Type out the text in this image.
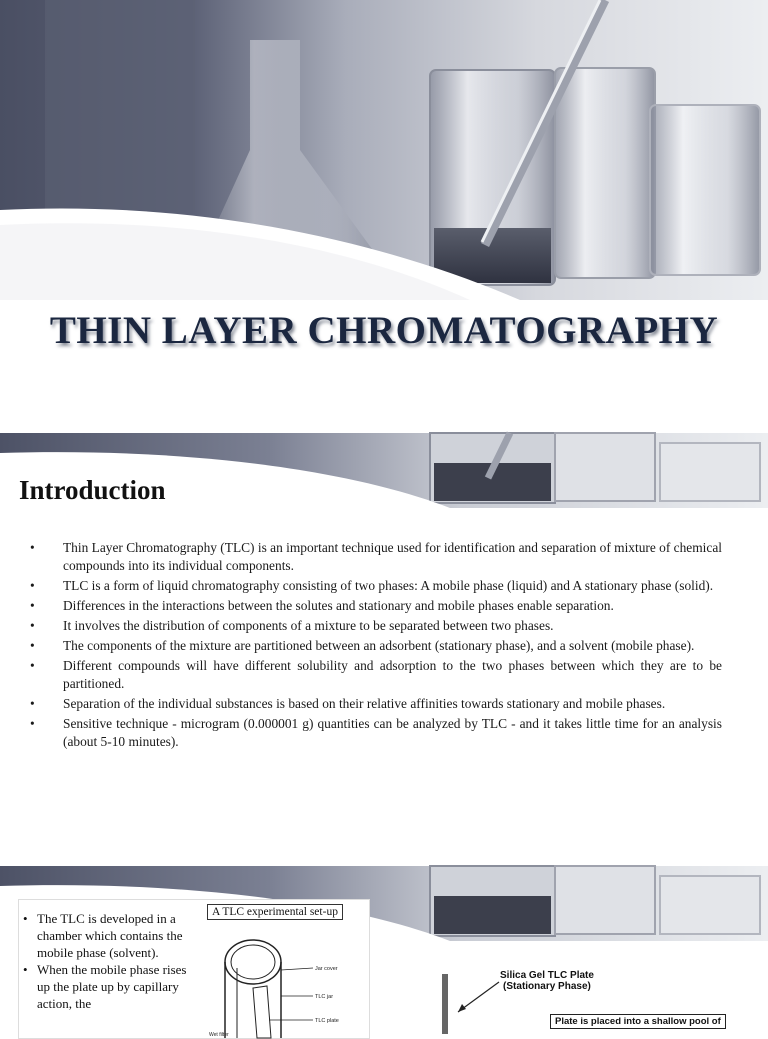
THIN LAYER CHROMATOGRAPHY
Introduction
• Thin Layer Chromatography (TLC) is an important technique used for identification and separation of mixture of chemical compounds into its individual components.
• TLC is a form of liquid chromatography consisting of two phases: A mobile phase (liquid) and A stationary phase (solid).
• Differences in the interactions between the solutes and stationary and mobile phases enable separation.
• It involves the distribution of components of a mixture to be separated between two phases.
• The components of the mixture are partitioned between an adsorbent (stationary phase), and a solvent (mobile phase).
• Different compounds will have different solubility and adsorption to the two phases between which they are to be partitioned.
• Separation of the individual substances is based on their relative affinities towards stationary and mobile phases.
• Sensitive technique - microgram (0.000001 g) quantities can be analyzed by TLC - and it takes little time for an analysis (about 5-10 minutes).
• The TLC is developed in a chamber which contains the mobile phase (solvent).
• When the mobile phase rises up the plate up by capillary action, the
A TLC experimental set-up
Jar cover
TLC jar
TLC plate
Wet filter
Silica Gel TLC Plate
(Stationary Phase)
Plate is placed into a shallow pool of
